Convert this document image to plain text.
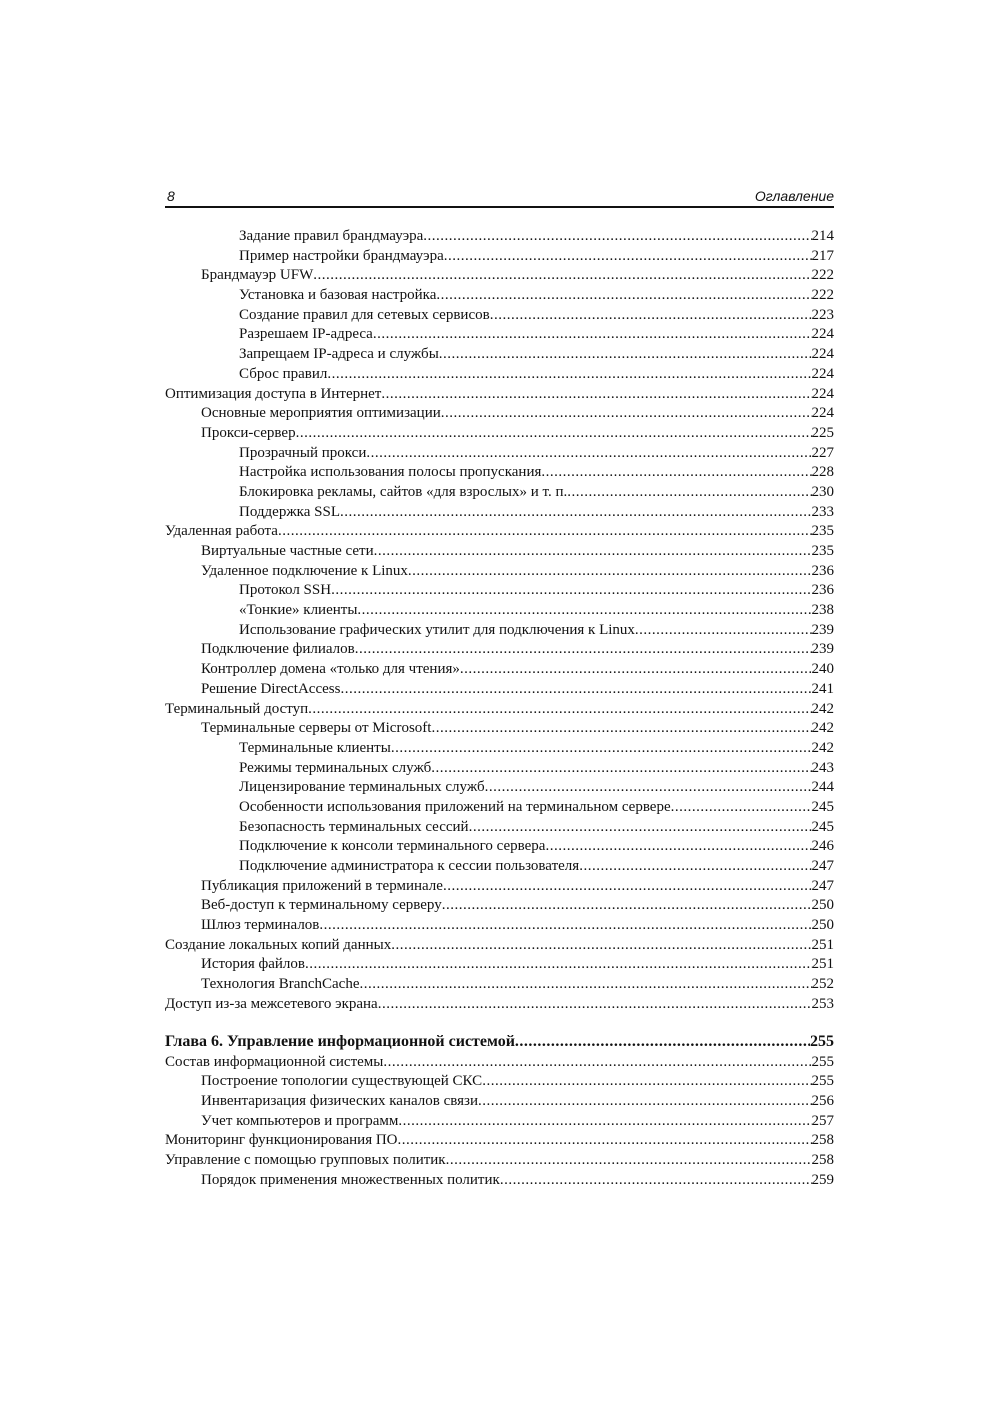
8	Оглавление
Задание правил брандмауэра .....	214
Пример настройки брандмауэра .....	217
Брандмауэр UFW .....	222
Установка и базовая настройка .....	222
Создание правил для сетевых сервисов .....	223
Разрешаем IP-адреса .....	224
Запрещаем IP-адреса и службы .....	224
Сброс правил .....	224
Оптимизация доступа в Интернет .....	224
Основные мероприятия оптимизации .....	224
Прокси-сервер .....	225
Прозрачный прокси .....	227
Настройка использования полосы пропускания .....	228
Блокировка рекламы, сайтов «для взрослых» и т. п. .....	230
Поддержка SSL .....	233
Удаленная работа .....	235
Виртуальные частные сети .....	235
Удаленное подключение к Linux .....	236
Протокол SSH .....	236
«Тонкие» клиенты .....	238
Использование графических утилит для подключения к Linux .....	239
Подключение филиалов .....	239
Контроллер домена «только для чтения» .....	240
Решение DirectAccess .....	241
Терминальный доступ .....	242
Терминальные серверы от Microsoft .....	242
Терминальные клиенты .....	242
Режимы терминальных служб .....	243
Лицензирование терминальных служб .....	244
Особенности использования приложений на терминальном сервере .....	245
Безопасность терминальных сессий .....	245
Подключение к консоли терминального сервера .....	246
Подключение администратора к сессии пользователя .....	247
Публикация приложений в терминале .....	247
Веб-доступ к терминальному серверу .....	250
Шлюз терминалов .....	250
Создание локальных копий данных .....	251
История файлов .....	251
Технология BranchCache .....	252
Доступ из-за межсетевого экрана .....	253
Глава 6. Управление информационной системой .....	255
Состав информационной системы .....	255
Построение топологии существующей СКС .....	255
Инвентаризация физических каналов связи .....	256
Учет компьютеров и программ .....	257
Мониторинг функционирования ПО .....	258
Управление с помощью групповых политик .....	258
Порядок применения множественных политик .....	259
